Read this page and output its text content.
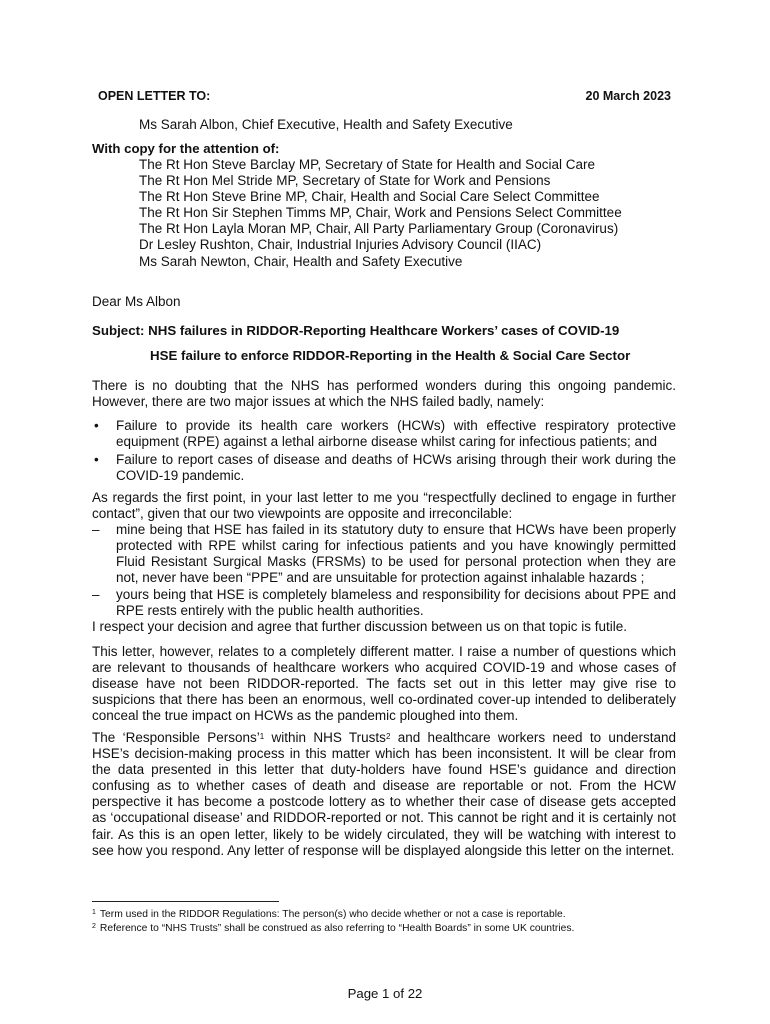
OPEN LETTER TO:	20 March 2023
Ms Sarah Albon, Chief Executive, Health and Safety Executive
With copy for the attention of:
The Rt Hon Steve Barclay MP, Secretary of State for Health and Social Care
The Rt Hon Mel Stride MP, Secretary of State for Work and Pensions
The Rt Hon Steve Brine MP, Chair, Health and Social Care Select Committee
The Rt Hon Sir Stephen Timms MP, Chair, Work and Pensions Select Committee
The Rt Hon Layla Moran MP, Chair, All Party Parliamentary Group (Coronavirus)
Dr Lesley Rushton, Chair, Industrial Injuries Advisory Council (IIAC)
Ms Sarah Newton, Chair, Health and Safety Executive
Dear Ms Albon
Subject: NHS failures in RIDDOR-Reporting Healthcare Workers’ cases of COVID-19
HSE failure to enforce RIDDOR-Reporting in the Health & Social Care Sector
There is no doubting that the NHS has performed wonders during this ongoing pandemic. However, there are two major issues at which the NHS failed badly, namely:
• Failure to provide its health care workers (HCWs) with effective respiratory protective equipment (RPE) against a lethal airborne disease whilst caring for infectious patients; and
• Failure to report cases of disease and deaths of HCWs arising through their work during the COVID-19 pandemic.
As regards the first point, in your last letter to me you “respectfully declined to engage in further contact”, given that our two viewpoints are opposite and irreconcilable:
– mine being that HSE has failed in its statutory duty to ensure that HCWs have been properly protected with RPE whilst caring for infectious patients and you have knowingly permitted Fluid Resistant Surgical Masks (FRSMs) to be used for personal protection when they are not, never have been “PPE” and are unsuitable for protection against inhalable hazards ;
– yours being that HSE is completely blameless and responsibility for decisions about PPE and RPE rests entirely with the public health authorities.
I respect your decision and agree that further discussion between us on that topic is futile.
This letter, however, relates to a completely different matter. I raise a number of questions which are relevant to thousands of healthcare workers who acquired COVID-19 and whose cases of disease have not been RIDDOR-reported. The facts set out in this letter may give rise to suspicions that there has been an enormous, well co-ordinated cover-up intended to deliberately conceal the true impact on HCWs as the pandemic ploughed into them.
The ‘Responsible Persons’$^1$ within NHS Trusts$^2$ and healthcare workers need to understand HSE’s decision-making process in this matter which has been inconsistent. It will be clear from the data presented in this letter that duty-holders have found HSE’s guidance and direction confusing as to whether cases of death and disease are reportable or not. From the HCW perspective it has become a postcode lottery as to whether their case of disease gets accepted as ‘occupational disease’ and RIDDOR-reported or not. This cannot be right and it is certainly not fair. As this is an open letter, likely to be widely circulated, they will be watching with interest to see how you respond. Any letter of response will be displayed alongside this letter on the internet.
$^1$ Term used in the RIDDOR Regulations: The person(s) who decide whether or not a case is reportable.
$^2$ Reference to “NHS Trusts” shall be construed as also referring to “Health Boards” in some UK countries.
Page 1 of 22
